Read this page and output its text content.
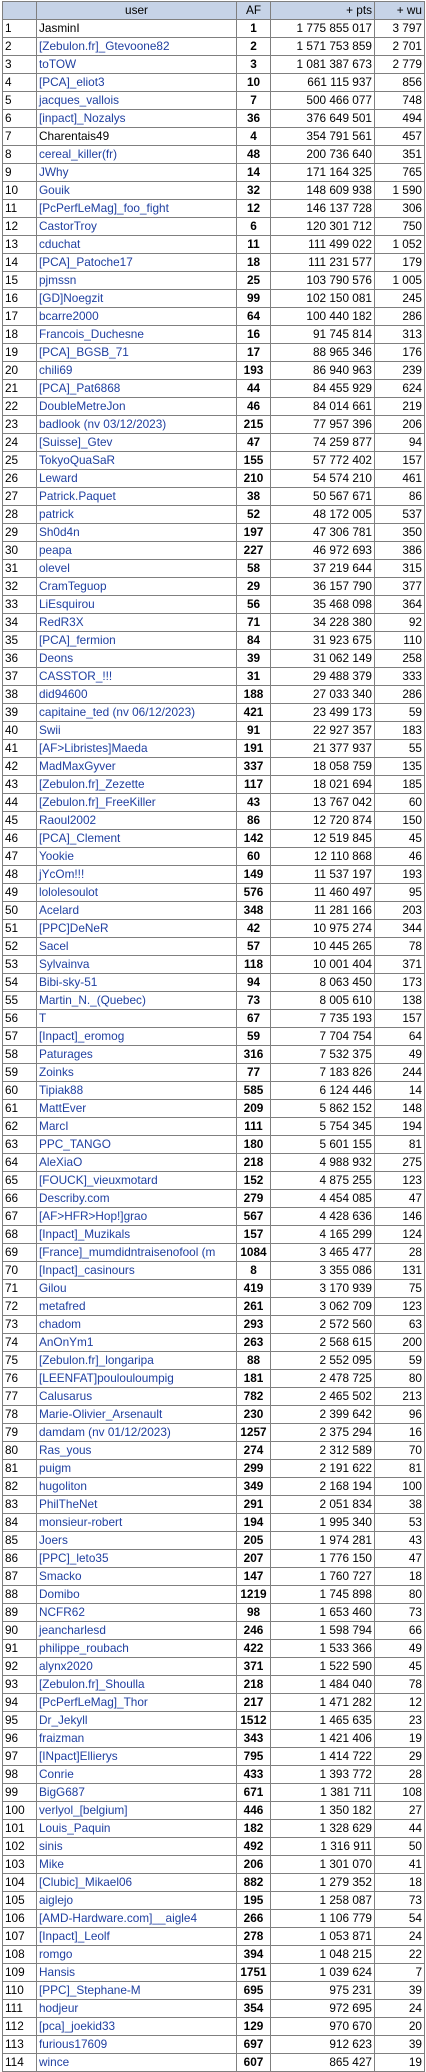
	user	AF	+ pts	+ wu
1	JasminI	1	1 775 855 017	3 797
2	[Zebulon.fr]_Gtevoone82	2	1 571 753 859	2 701
3	toTOW	3	1 081 387 673	2 779
4	[PCA]_eliot3	10	661 115 937	856
5	jacques_vallois	7	500 466 077	748
6	[inpact]_Nozalys	36	376 649 501	494
7	Charentais49	4	354 791 561	457
8	cereal_killer(fr)	48	200 736 640	351
9	JWhy	14	171 164 325	765
10	Gouik	32	148 609 938	1 590
11	[PcPerfLeMag]_foo_fight	12	146 137 728	306
12	CastorTroy	6	120 301 712	750
13	cduchat	11	111 499 022	1 052
14	[PCA]_Patoche17	18	111 231 577	179
15	pjmssn	25	103 790 576	1 005
16	[GD]Noegzit	99	102 150 081	245
17	bcarre2000	64	100 440 182	286
18	Francois_Duchesne	16	91 745 814	313
19	[PCA]_BGSB_71	17	88 965 346	176
20	chili69	193	86 940 963	239
21	[PCA]_Pat6868	44	84 455 929	624
22	DoubleMetreJon	46	84 014 661	219
23	badlook (nv 03/12/2023)	215	77 957 396	206
24	[Suisse]_Gtev	47	74 259 877	94
25	TokyoQuaSaR	155	57 772 402	157
26	Leward	210	54 574 210	461
27	Patrick.Paquet	38	50 567 671	86
28	patrick	52	48 172 005	537
29	Sh0d4n	197	47 306 781	350
30	peapa	227	46 972 693	386
31	olevel	58	37 219 644	315
32	CramTeguop	29	36 157 790	377
33	LiEsquirou	56	35 468 098	364
34	RedR3X	71	34 228 380	92
35	[PCA]_fermion	84	31 923 675	110
36	Deons	39	31 062 149	258
37	CASSTOR_!!!	31	29 488 379	333
38	did94600	188	27 033 340	286
39	capitaine_ted (nv 06/12/2023)	421	23 499 173	59
40	Swii	91	22 927 357	183
41	[AF>Libristes]Maeda	191	21 377 937	55
42	MadMaxGyver	337	18 058 759	135
43	[Zebulon.fr]_Zezette	117	18 021 694	185
44	[Zebulon.fr]_FreeKiller	43	13 767 042	60
45	Raoul2002	86	12 720 874	150
46	[PCA]_Clement	142	12 519 845	45
47	Yookie	60	12 110 868	46
48	jYcOm!!!	149	11 537 197	193
49	lololesoulot	576	11 460 497	95
50	Acelard	348	11 281 166	203
51	[PPC]DeNeR	42	10 975 274	344
52	Sacel	57	10 445 265	78
53	Sylvainva	118	10 001 404	371
54	Bibi-sky-51	94	8 063 450	173
55	Martin_N._(Quebec)	73	8 005 610	138
56	T	67	7 735 193	157
57	[Inpact]_eromog	59	7 704 754	64
58	Paturages	316	7 532 375	49
59	Zoinks	77	7 183 826	244
60	Tipiak88	585	6 124 446	14
61	MattEver	209	5 862 152	148
62	MarcI	111	5 754 345	194
63	PPC_TANGO	180	5 601 155	81
64	AleXiaO	218	4 988 932	275
65	[FOUCK]_vieuxmotard	152	4 875 255	123
66	Describy.com	279	4 454 085	47
67	[AF>HFR>Hop!]grao	567	4 428 636	146
68	[Inpact]_Muzikals	157	4 165 299	124
69	[France]_mumdidntraisenofool (m	1084	3 465 477	28
70	[Inpact]_casinours	8	3 355 086	131
71	Gilou	419	3 170 939	75
72	metafred	261	3 062 709	123
73	chadom	293	2 572 560	63
74	AnOnYm1	263	2 568 615	200
75	[Zebulon.fr]_longaripa	88	2 552 095	59
76	[LEENFAT]poulouloumpig	181	2 478 725	80
77	Calusarus	782	2 465 502	213
78	Marie-Olivier_Arsenault	230	2 399 642	96
79	damdam (nv 01/12/2023)	1257	2 375 294	16
80	Ras_yous	274	2 312 589	70
81	puigm	299	2 191 622	81
82	hugoliton	349	2 168 194	100
83	PhilTheNet	291	2 051 834	38
84	monsieur-robert	194	1 995 340	53
85	Joers	205	1 974 281	43
86	[PPC]_leto35	207	1 776 150	47
87	Smacko	147	1 760 727	18
88	Domibo	1219	1 745 898	80
89	NCFR62	98	1 653 460	73
90	jeancharlesd	246	1 598 794	66
91	philippe_roubach	422	1 533 366	49
92	alynx2020	371	1 522 590	45
93	[Zebulon.fr]_Shoulla	218	1 484 040	78
94	[PcPerfLeMag]_Thor	217	1 471 282	12
95	Dr_Jekyll	1512	1 465 635	23
96	fraizman	343	1 421 406	19
97	[INpact]Ellierys	795	1 414 722	29
98	Conrie	433	1 393 772	28
99	BigG687	671	1 381 711	108
100	verlyol_[belgium]	446	1 350 182	27
101	Louis_Paquin	182	1 328 629	44
102	sinis	492	1 316 911	50
103	Mike	206	1 301 070	41
104	[Clubic]_Mikael06	882	1 279 352	18
105	aiglejo	195	1 258 087	73
106	[AMD-Hardware.com]__aigle4	266	1 106 779	54
107	[Inpact]_Leolf	278	1 053 871	24
108	romgo	394	1 048 215	22
109	Hansis	1751	1 039 624	7
110	[PPC]_Stephane-M	695	975 231	39
111	hodjeur	354	972 695	24
112	[pca]_joekid33	129	970 670	20
113	furious17609	697	912 623	39
114	wince	607	865 427	19
